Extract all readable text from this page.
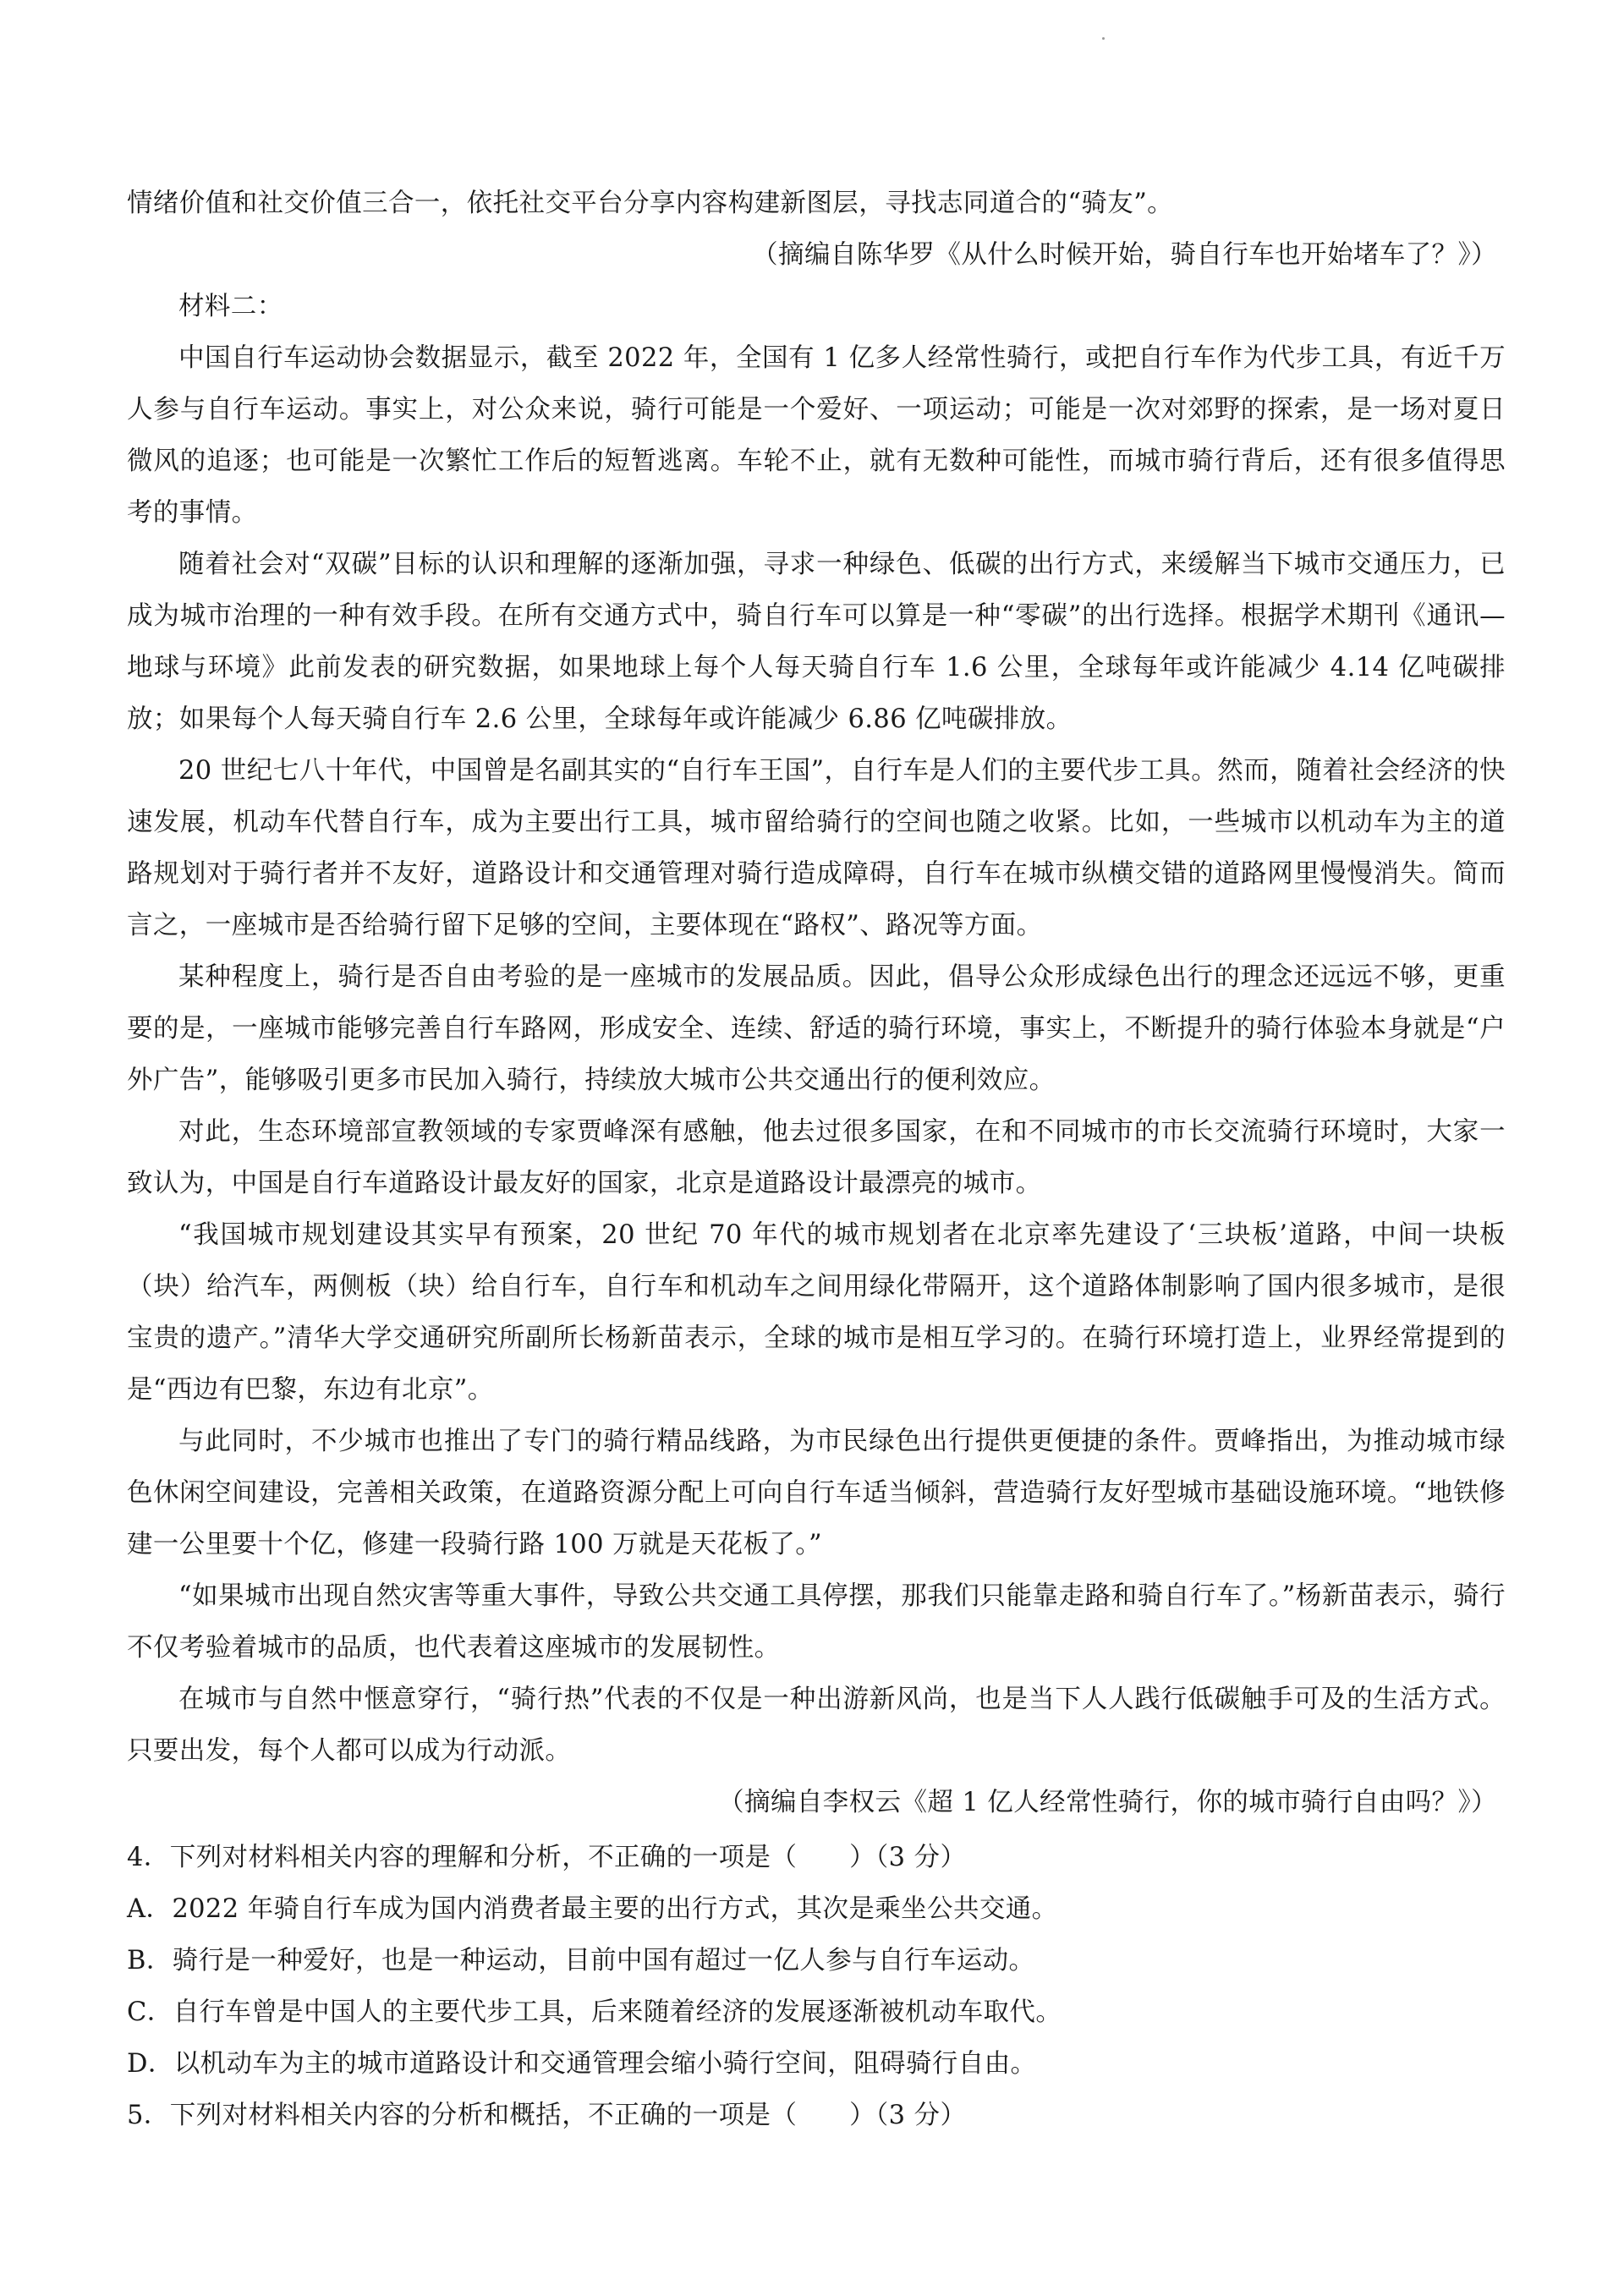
情绪价值和社交价值三合一，依托社交平台分享内容构建新图层，寻找志同道合的“骑友”。

（摘编自陈华罗《从什么时候开始，骑自行车也开始堵车了？》）

材料二：

中国自行车运动协会数据显示，截至 2022 年，全国有 1 亿多人经常性骑行，或把自行车作为代步工具，有近千万人参与自行车运动。事实上，对公众来说，骑行可能是一个爱好、一项运动；可能是一次对郊野的探索，是一场对夏日微风的追逐；也可能是一次繁忙工作后的短暂逃离。车轮不止，就有无数种可能性，而城市骑行背后，还有很多值得思考的事情。

随着社会对“双碳”目标的认识和理解的逐渐加强，寻求一种绿色、低碳的出行方式，来缓解当下城市交通压力，已成为城市治理的一种有效手段。在所有交通方式中，骑自行车可以算是一种“零碳”的出行选择。根据学术期刊《通讯—地球与环境》此前发表的研究数据，如果地球上每个人每天骑自行车 1.6 公里，全球每年或许能减少 4.14 亿吨碳排放；如果每个人每天骑自行车 2.6 公里，全球每年或许能减少 6.86 亿吨碳排放。

20 世纪七八十年代，中国曾是名副其实的“自行车王国”，自行车是人们的主要代步工具。然而，随着社会经济的快速发展，机动车代替自行车，成为主要出行工具，城市留给骑行的空间也随之收紧。比如，一些城市以机动车为主的道路规划对于骑行者并不友好，道路设计和交通管理对骑行造成障碍，自行车在城市纵横交错的道路网里慢慢消失。简而言之，一座城市是否给骑行留下足够的空间，主要体现在“路权”、路况等方面。

某种程度上，骑行是否自由考验的是一座城市的发展品质。因此，倡导公众形成绿色出行的理念还远远不够，更重要的是，一座城市能够完善自行车路网，形成安全、连续、舒适的骑行环境，事实上，不断提升的骑行体验本身就是“户外广告”，能够吸引更多市民加入骑行，持续放大城市公共交通出行的便利效应。

对此，生态环境部宣教领域的专家贾峰深有感触，他去过很多国家，在和不同城市的市长交流骑行环境时，大家一致认为，中国是自行车道路设计最友好的国家，北京是道路设计最漂亮的城市。

“我国城市规划建设其实早有预案，20 世纪 70 年代的城市规划者在北京率先建设了‘三块板’道路，中间一块板（块）给汽车，两侧板（块）给自行车，自行车和机动车之间用绿化带隔开，这个道路体制影响了国内很多城市，是很宝贵的遗产。”清华大学交通研究所副所长杨新苗表示，全球的城市是相互学习的。在骑行环境打造上，业界经常提到的是“西边有巴黎，东边有北京”。

与此同时，不少城市也推出了专门的骑行精品线路，为市民绿色出行提供更便捷的条件。贾峰指出，为推动城市绿色休闲空间建设，完善相关政策，在道路资源分配上可向自行车适当倾斜，营造骑行友好型城市基础设施环境。“地铁修建一公里要十个亿，修建一段骑行路 100 万就是天花板了。”

“如果城市出现自然灾害等重大事件，导致公共交通工具停摆，那我们只能靠走路和骑自行车了。”杨新苗表示，骑行不仅考验着城市的品质，也代表着这座城市的发展韧性。

在城市与自然中惬意穿行，“骑行热”代表的不仅是一种出游新风尚，也是当下人人践行低碳触手可及的生活方式。只要出发，每个人都可以成为行动派。

（摘编自李权云《超 1 亿人经常性骑行，你的城市骑行自由吗？》）

4．下列对材料相关内容的理解和分析，不正确的一项是（　　）（3 分）

A．2022 年骑自行车成为国内消费者最主要的出行方式，其次是乘坐公共交通。

B．骑行是一种爱好，也是一种运动，目前中国有超过一亿人参与自行车运动。

C．自行车曾是中国人的主要代步工具，后来随着经济的发展逐渐被机动车取代。

D．以机动车为主的城市道路设计和交通管理会缩小骑行空间，阻碍骑行自由。

5．下列对材料相关内容的分析和概括，不正确的一项是（　　）（3 分）
